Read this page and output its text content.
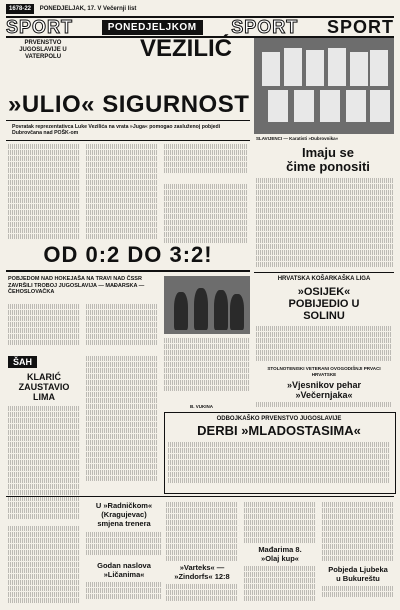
1678-22 PONEDJELJAK, 17. V Večernji list
SPORT	PONEDJELJKOM	SPORT SPORT
PRVENSTVO JUGOSLAVIJE U VATERPOLU	VEZILIĆ
»ULIO« SIGURNOST
Povratak reprezentativca Luke Vezilića na vrata »Juga« pomogao zasluženoj pobjedi Dubrovčana nad POŠK-om

OD 0:2 DO 3:2!
SLAVIJENCI — Karatisti »Dubrovnika«
Imaju se
čime ponositi
POBJEDOM NAD HOKEJAŠA NA TRAVI NAD ČSSR ZAVRŠILI TROBOJ JUGOSLAVIJA — MAĐARSKA — ČEHOSLOVAČKA
ŠAH
KLARIĆ
ZAUSTAVIO
LIMA
B. VUKINA
ODBOJKAŠKO PRVENSTVO JUGOSLAVIJE
DERBI »MLADOSTASIMA«
HRVATSKA KOŠARKAŠKA LIGA
»OSIJEK«
POBIJEDIO U
SOLINU
STOLNOTENISKI VETERANI OVOGODIŠNJI PRVACI HRVATSKE
»Vjesnikov pehar
»Večernjaka«
U »Radničkom«
(Kragujevac)
smjena trenera
Godan naslova
»Ličanima«
»Varteks« —
»Zindorfs« 12:8
Mađarima 8.
»Olaj kup«
Pobjeda Ljubeka
u Bukureštu
